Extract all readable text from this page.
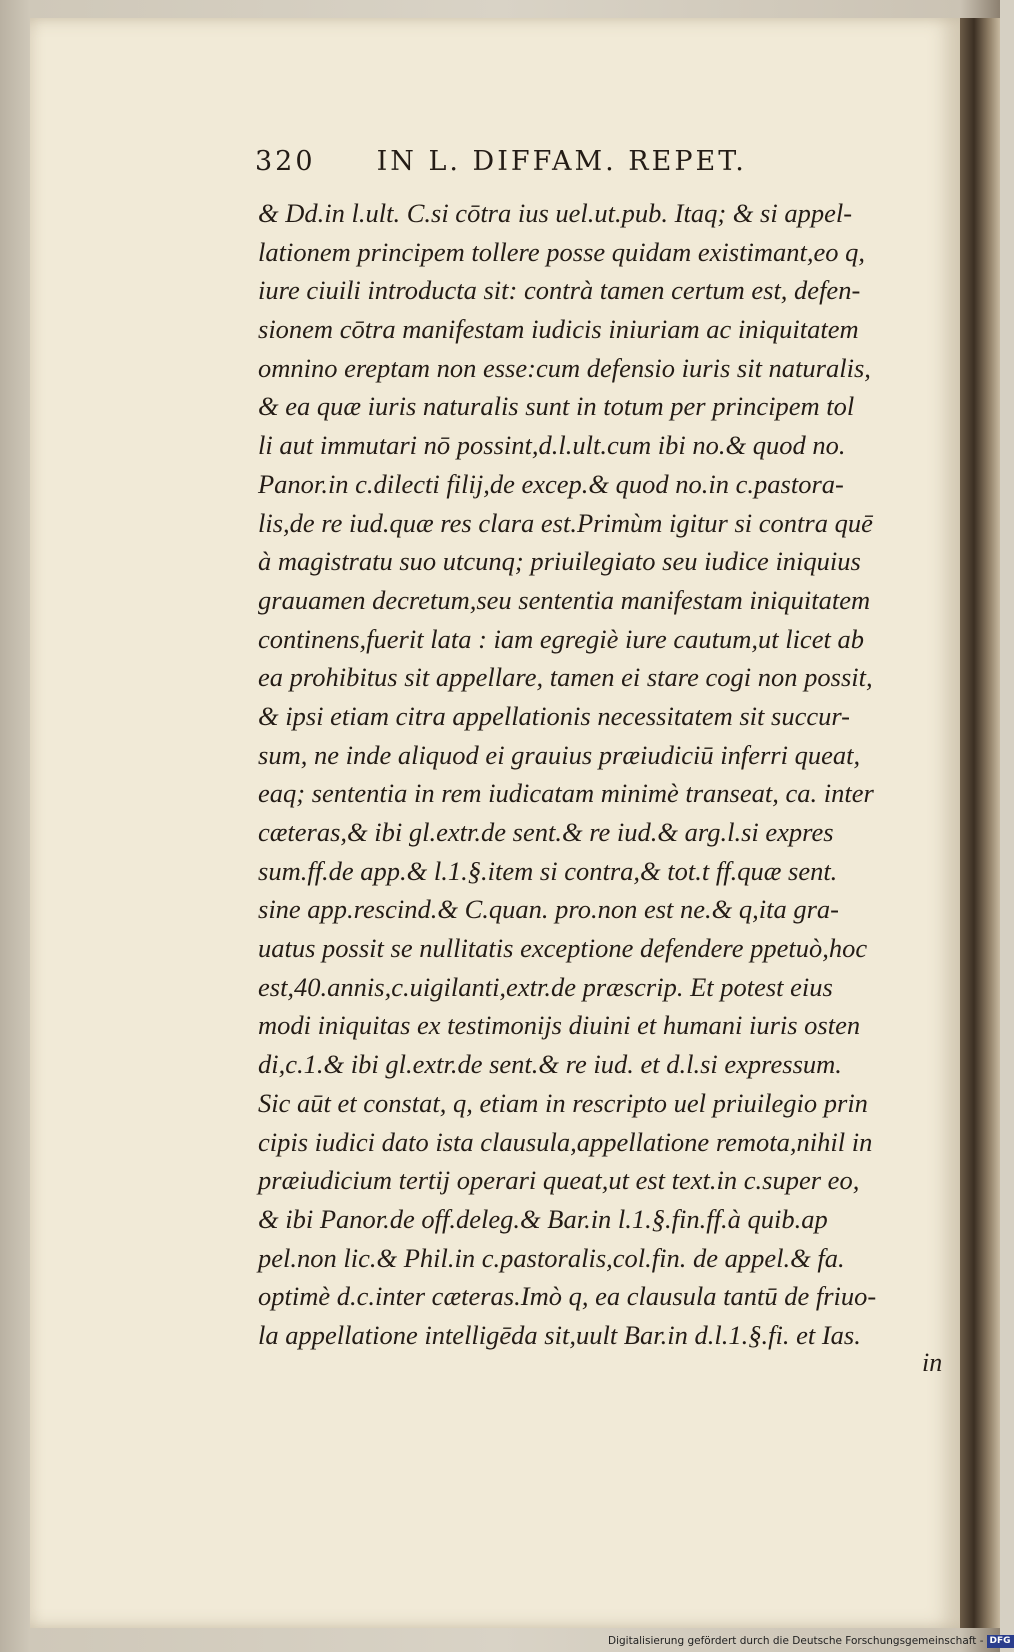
320 IN L. DIFFAM. REPET.
& Dd.in l.ult. C.si cōtra ius uel.ut.pub. Itaq; & si appel-
lationem principem tollere posse quidam existimant,eo q,
iure ciuili introducta sit: contrà tamen certum est, defen-
sionem cōtra manifestam iudicis iniuriam ac iniquitatem
omnino ereptam non esse:cum defensio iuris sit naturalis,
& ea quæ iuris naturalis sunt in totum per principem tol
li aut immutari nō possint,d.l.ult.cum ibi no.& quod no.
Panor.in c.dilecti filij,de excep.& quod no.in c.pastora-
lis,de re iud.quæ res clara est.Primùm igitur si contra quē
à magistratu suo utcunq; priuilegiato seu iudice iniquius
grauamen decretum,seu sententia manifestam iniquitatem
continens,fuerit lata : iam egregiè iure cautum,ut licet ab
ea prohibitus sit appellare, tamen ei stare cogi non possit,
& ipsi etiam citra appellationis necessitatem sit succur-
sum, ne inde aliquod ei grauius præiudiciū inferri queat,
eaq; sententia in rem iudicatam minimè transeat, ca. inter
cæteras,& ibi gl.extr.de sent.& re iud.& arg.l.si expres
sum.ff.de app.& l.1.§.item si contra,& tot.t ff.quæ sent.
sine app.rescind.& C.quan. pro.non est ne.& q,ita gra-
uatus possit se nullitatis exceptione defendere ppetuò,hoc
est,40.annis,c.uigilanti,extr.de præscrip. Et potest eius
modi iniquitas ex testimonijs diuini et humani iuris osten
di,c.1.& ibi gl.extr.de sent.& re iud. et d.l.si expressum.
Sic aūt et constat, q, etiam in rescripto uel priuilegio prin
cipis iudici dato ista clausula,appellatione remota,nihil in
præiudicium tertij operari queat,ut est text.in c.super eo,
& ibi Panor.de off.deleg.& Bar.in l.1.§.fin.ff.à quib.ap
pel.non lic.& Phil.in c.pastoralis,col.fin. de appel.& fa.
optimè d.c.inter cæteras.Imò q, ea clausula tantū de friuo-
la appellatione intelligēda sit,uult Bar.in d.l.1.§.fi. et Ias.
in
Digitalisierung gefördert durch die Deutsche Forschungsgemeinschaft - DFG
